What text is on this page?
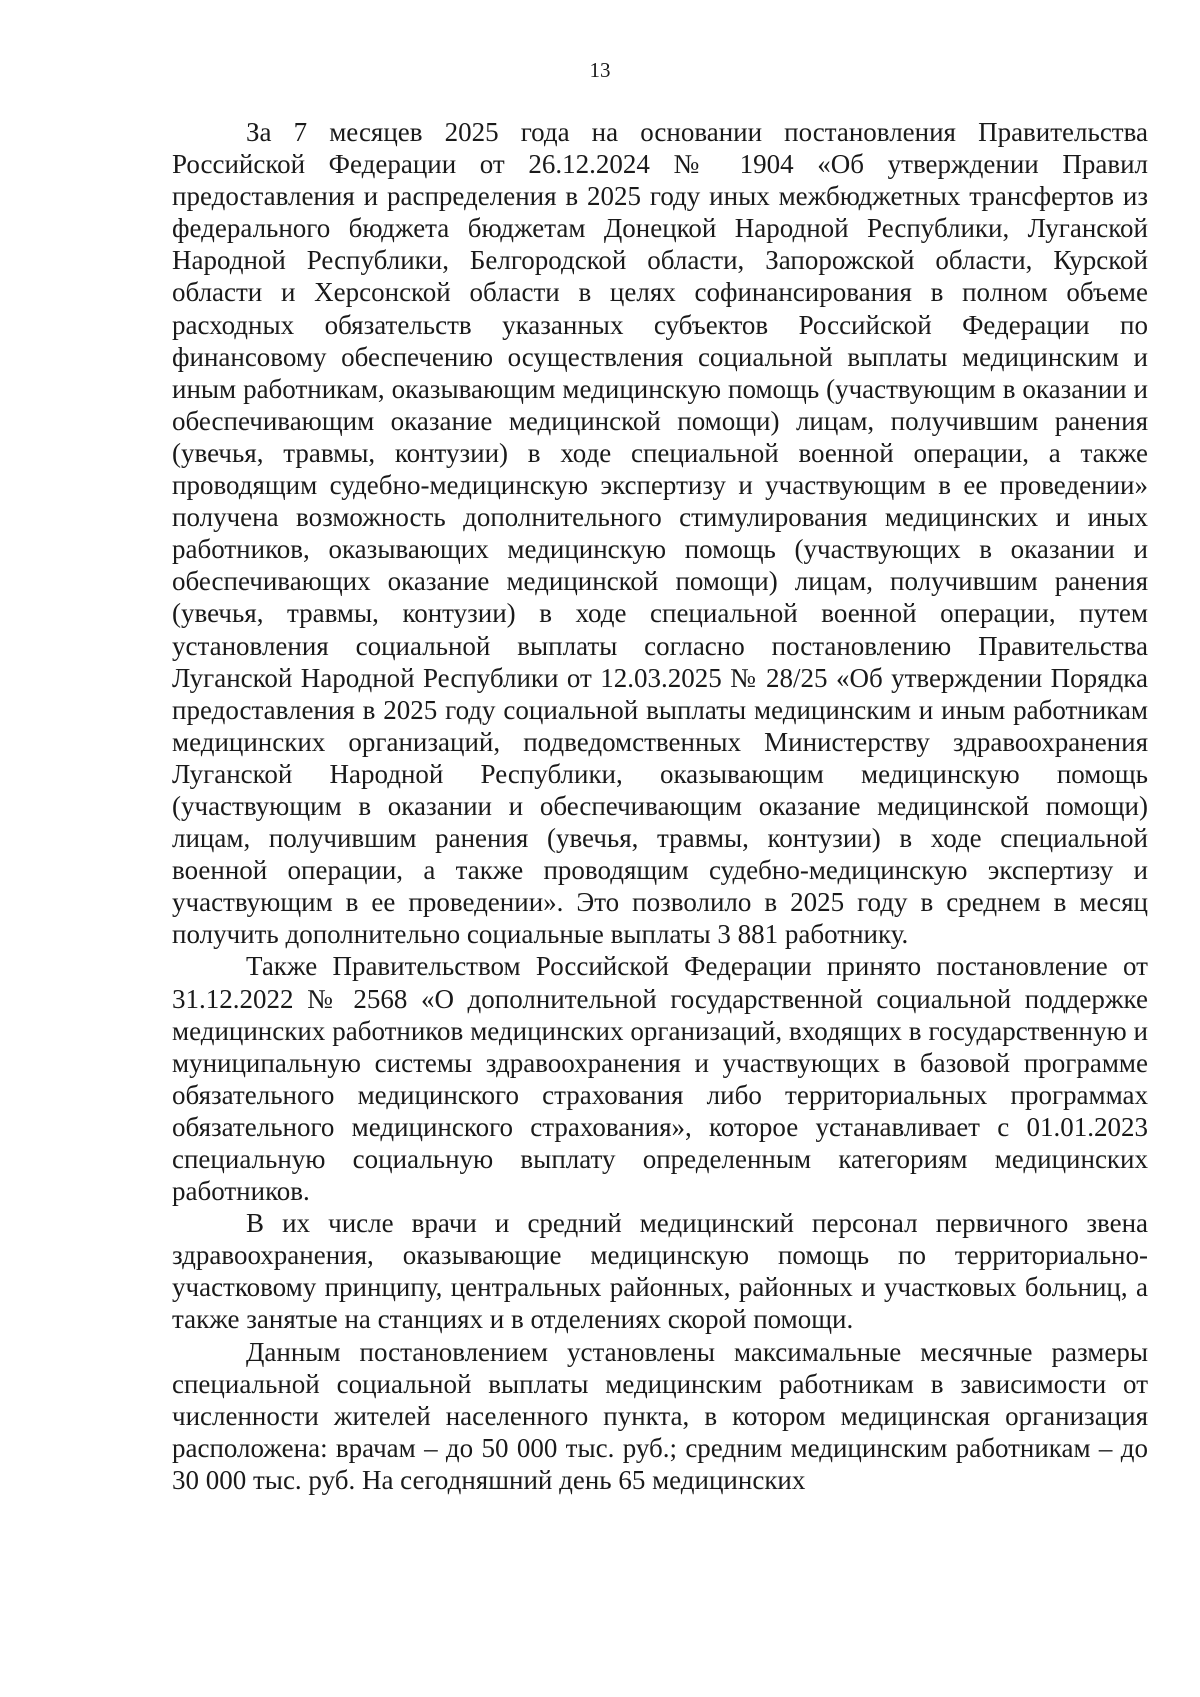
13

За 7 месяцев 2025 года на основании постановления Правительства Российской Федерации от 26.12.2024 № 1904 «Об утверждении Правил предоставления и распределения в 2025 году иных межбюджетных трансфертов из федерального бюджета бюджетам Донецкой Народной Республики, Луганской Народной Республики, Белгородской области, Запорожской области, Курской области и Херсонской области в целях софинансирования в полном объеме расходных обязательств указанных субъектов Российской Федерации по финансовому обеспечению осуществления социальной выплаты медицинским и иным работникам, оказывающим медицинскую помощь (участвующим в оказании и обеспечивающим оказание медицинской помощи) лицам, получившим ранения (увечья, травмы, контузии) в ходе специальной военной операции, а также проводящим судебно-медицинскую экспертизу и участвующим в ее проведении» получена возможность дополнительного стимулирования медицинских и иных работников, оказывающих медицинскую помощь (участвующих в оказании и обеспечивающих оказание медицинской помощи) лицам, получившим ранения (увечья, травмы, контузии) в ходе специальной военной операции, путем установления социальной выплаты согласно постановлению Правительства Луганской Народной Республики от 12.03.2025 № 28/25 «Об утверждении Порядка предоставления в 2025 году социальной выплаты медицинским и иным работникам медицинских организаций, подведомственных Министерству здравоохранения Луганской Народной Республики, оказывающим медицинскую помощь (участвующим в оказании и обеспечивающим оказание медицинской помощи) лицам, получившим ранения (увечья, травмы, контузии) в ходе специальной военной операции, а также проводящим судебно-медицинскую экспертизу и участвующим в ее проведении». Это позволило в 2025 году в среднем в месяц получить дополнительно социальные выплаты 3 881 работнику.

Также Правительством Российской Федерации принято постановление от 31.12.2022 № 2568 «О дополнительной государственной социальной поддержке медицинских работников медицинских организаций, входящих в государственную и муниципальную системы здравоохранения и участвующих в базовой программе обязательного медицинского страхования либо территориальных программах обязательного медицинского страхования», которое устанавливает с 01.01.2023 специальную социальную выплату определенным категориям медицинских работников.

В их числе врачи и средний медицинский персонал первичного звена здравоохранения, оказывающие медицинскую помощь по территориально-участковому принципу, центральных районных, районных и участковых больниц, а также занятые на станциях и в отделениях скорой помощи.

Данным постановлением установлены максимальные месячные размеры специальной социальной выплаты медицинским работникам в зависимости от численности жителей населенного пункта, в котором медицинская организация расположена: врачам – до 50 000 тыс. руб.; средним медицинским работникам – до 30 000 тыс. руб. На сегодняшний день 65 медицинских
